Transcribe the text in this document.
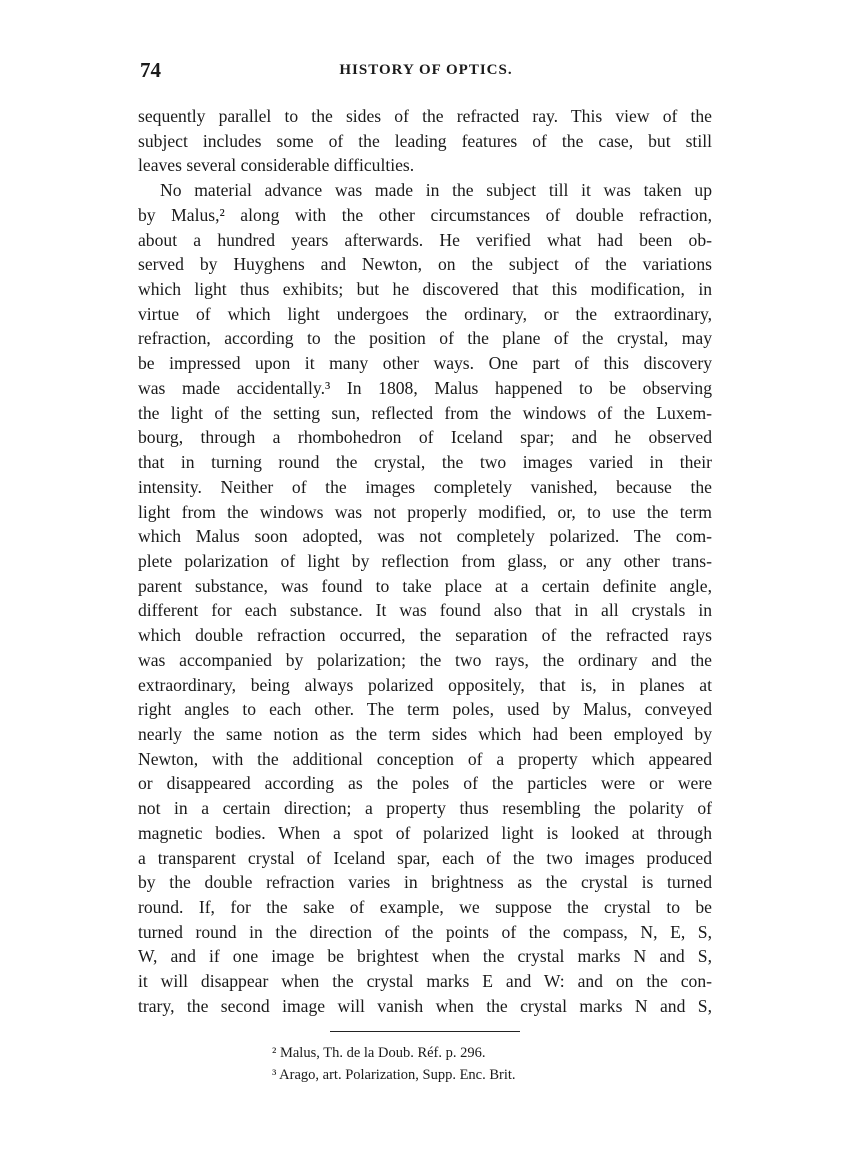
74	HISTORY OF OPTICS.
sequently parallel to the sides of the refracted ray. This view of the
subject includes some of the leading features of the case, but still
leaves several considerable difficulties.
No material advance was made in the subject till it was taken up
by Malus,² along with the other circumstances of double refraction,
about a hundred years afterwards. He verified what had been ob-
served by Huyghens and Newton, on the subject of the variations
which light thus exhibits; but he discovered that this modification, in
virtue of which light undergoes the ordinary, or the extraordinary,
refraction, according to the position of the plane of the crystal, may
be impressed upon it many other ways. One part of this discovery
was made accidentally.³ In 1808, Malus happened to be observing
the light of the setting sun, reflected from the windows of the Luxem-
bourg, through a rhombohedron of Iceland spar; and he observed
that in turning round the crystal, the two images varied in their
intensity. Neither of the images completely vanished, because the
light from the windows was not properly modified, or, to use the term
which Malus soon adopted, was not completely polarized. The com-
plete polarization of light by reflection from glass, or any other trans-
parent substance, was found to take place at a certain definite angle,
different for each substance. It was found also that in all crystals in
which double refraction occurred, the separation of the refracted rays
was accompanied by polarization; the two rays, the ordinary and the
extraordinary, being always polarized oppositely, that is, in planes at
right angles to each other. The term poles, used by Malus, conveyed
nearly the same notion as the term sides which had been employed by
Newton, with the additional conception of a property which appeared
or disappeared according as the poles of the particles were or were
not in a certain direction; a property thus resembling the polarity of
magnetic bodies. When a spot of polarized light is looked at through
a transparent crystal of Iceland spar, each of the two images produced
by the double refraction varies in brightness as the crystal is turned
round. If, for the sake of example, we suppose the crystal to be
turned round in the direction of the points of the compass, N, E, S,
W, and if one image be brightest when the crystal marks N and S,
it will disappear when the crystal marks E and W: and on the con-
trary, the second image will vanish when the crystal marks N and S,
² Malus, Th. de la Doub. Réf. p. 296.
³ Arago, art. Polarization, Supp. Enc. Brit.
